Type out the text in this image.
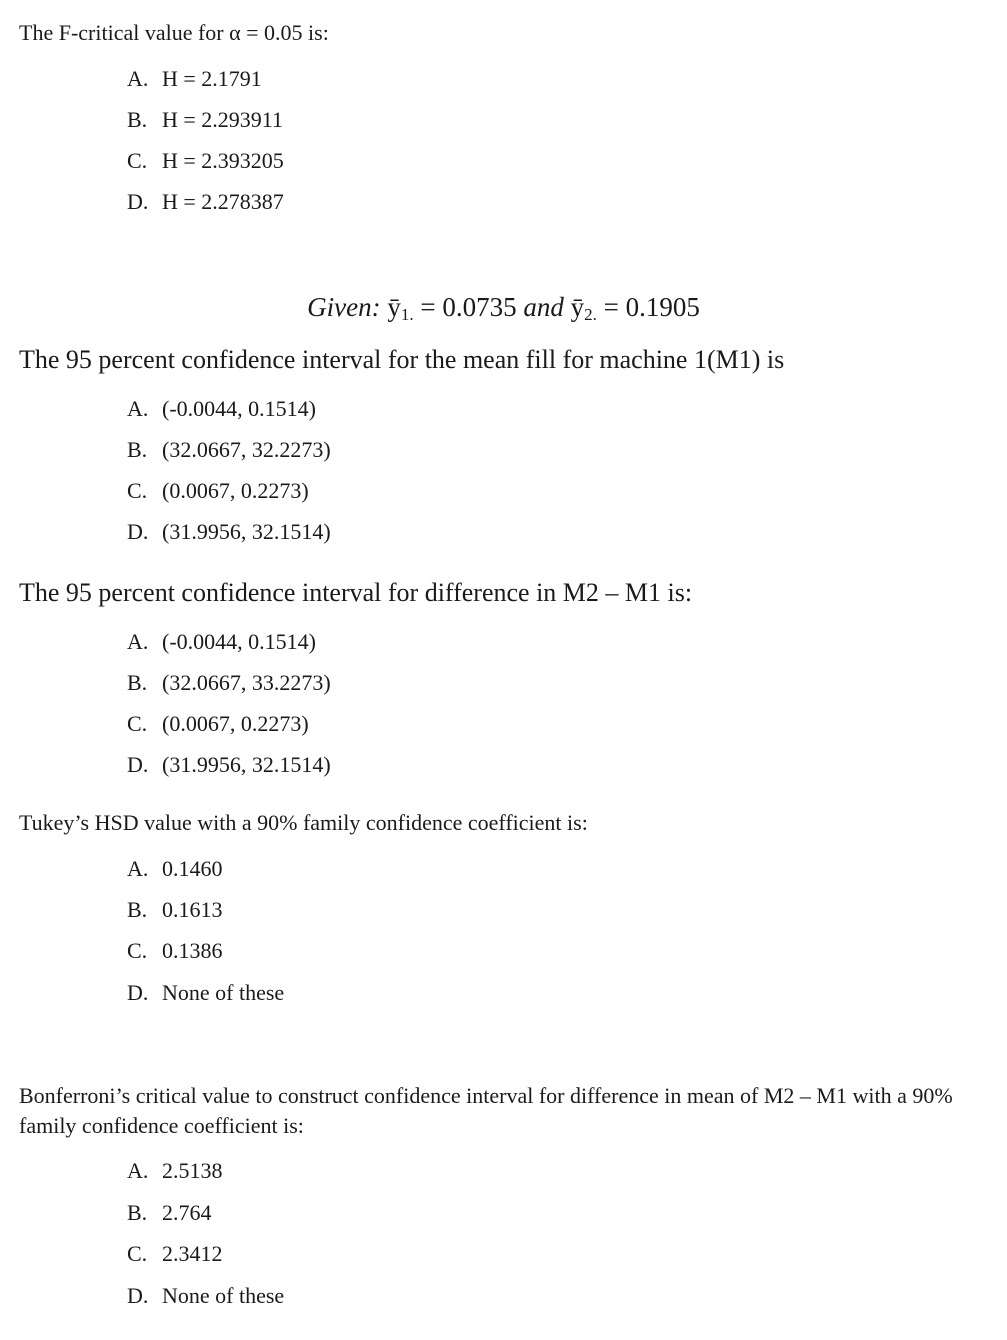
The F-critical value for α = 0.05 is:
A. H = 2.1791
B. H = 2.293911
C. H = 2.393205
D. H = 2.278387
Given: $ȳ_{1.} = 0.0735$ and $ȳ_{2.} = 0.1905$
The 95 percent confidence interval for the mean fill for machine 1(M1) is
A. (-0.0044, 0.1514)
B. (32.0667, 32.2273)
C. (0.0067, 0.2273)
D. (31.9956, 32.1514)
The 95 percent confidence interval for difference in M2 – M1 is:
A. (-0.0044, 0.1514)
B. (32.0667, 33.2273)
C. (0.0067, 0.2273)
D. (31.9956, 32.1514)
Tukey’s HSD value with a 90% family confidence coefficient is:
A. 0.1460
B. 0.1613
C. 0.1386
D. None of these
Bonferroni’s critical value to construct confidence interval for difference in mean of M2 – M1 with a 90% family confidence coefficient is:
A. 2.5138
B. 2.764
C. 2.3412
D. None of these
